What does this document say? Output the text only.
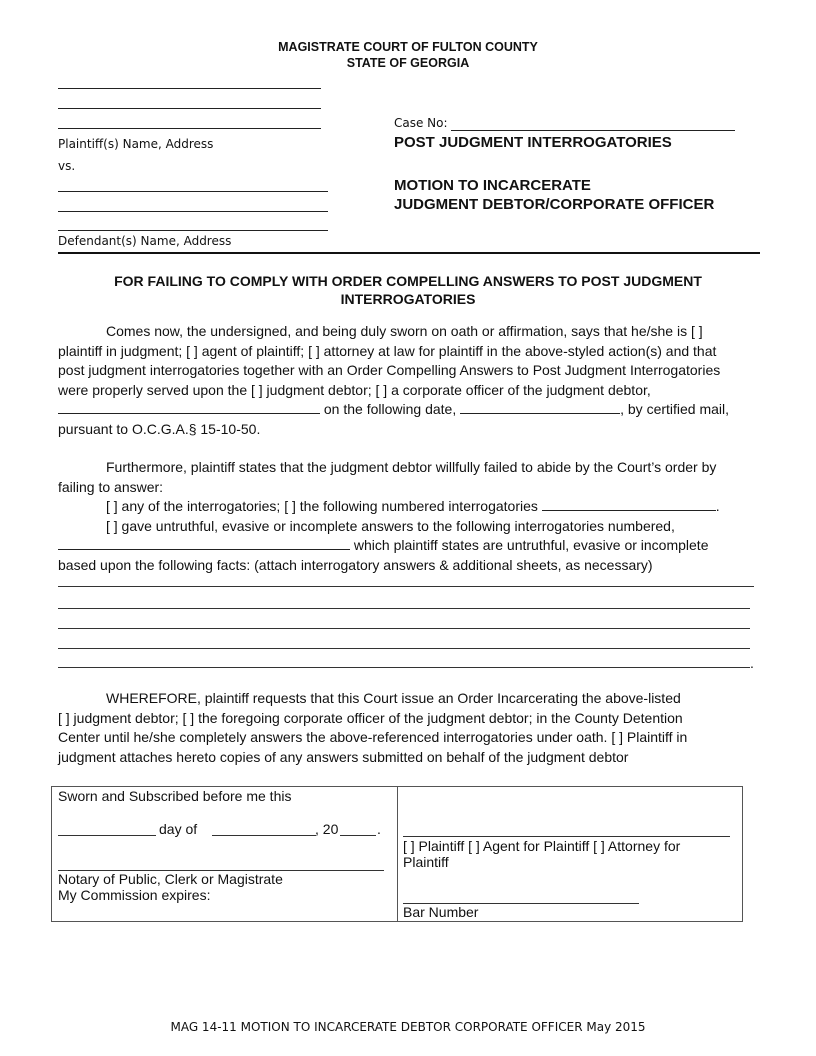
MAGISTRATE COURT OF FULTON COUNTY
STATE OF GEORGIA
Plaintiff(s) Name, Address
vs.
Defendant(s) Name, Address
Case No:
POST JUDGMENT INTERROGATORIES
MOTION TO INCARCERATE
JUDGMENT DEBTOR/CORPORATE OFFICER
FOR FAILING TO COMPLY WITH ORDER COMPELLING ANSWERS TO POST JUDGMENT INTERROGATORIES
Comes now, the undersigned, and being duly sworn on oath or affirmation, says that he/she is [ ]
plaintiff in judgment; [ ] agent of plaintiff; [ ] attorney at law for plaintiff in the above-styled action(s) and that
post judgment interrogatories together with an Order Compelling Answers to Post Judgment Interrogatories
were properly served upon the [ ] judgment debtor; [ ] a corporate officer of the judgment debtor,
on the following date,	, by certified mail,
pursuant to O.C.G.A.§ 15-10-50.
Furthermore, plaintiff states that the judgment debtor willfully failed to abide by the Court’s order by
failing to answer:
[ ] any of the interrogatories; [ ] the following numbered interrogatories	.
[ ] gave untruthful, evasive or incomplete answers to the following interrogatories numbered,
which plaintiff states are untruthful, evasive or incomplete
based upon the following facts: (attach interrogatory answers & additional sheets, as necessary)
.
WHEREFORE, plaintiff requests that this Court issue an Order Incarcerating the above-listed
[ ] judgment debtor; [ ] the foregoing corporate officer of the judgment debtor; in the County Detention
Center until he/she completely answers the above-referenced interrogatories under oath. [ ] Plaintiff in
judgment attaches hereto copies of any answers submitted on behalf of the judgment debtor
Sworn and Subscribed before me this
day of	, 20	.
Notary of Public, Clerk or Magistrate
My Commission expires:
[ ] Plaintiff [ ] Agent for Plaintiff [ ] Attorney for
Plaintiff
Bar Number
MAG 14-11 MOTION TO INCARCERATE DEBTOR CORPORATE OFFICER May 2015
